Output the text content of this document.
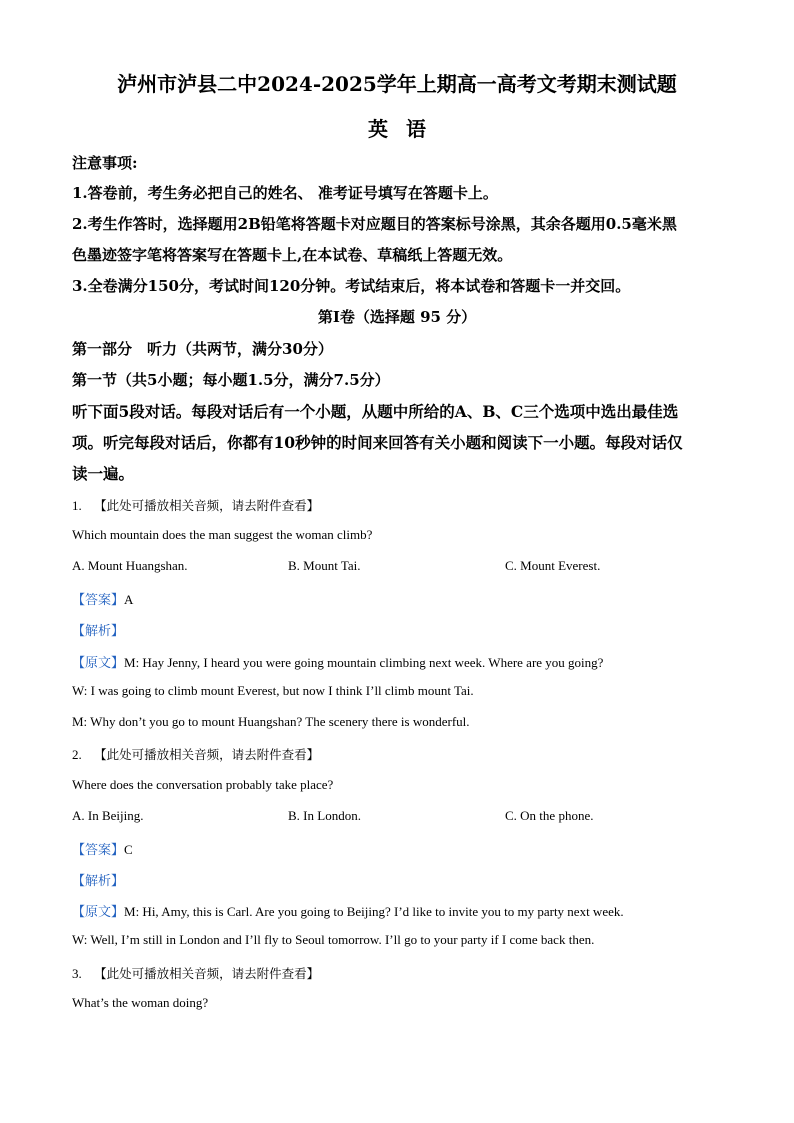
泸州市泸县二中2024-2025学年上期高一高考文考期末测试题
英语
注意事项:
1.答卷前，考生务必把自己的姓名、 准考证号填写在答题卡上。
2.考生作答时，选择题用2B铅笔将答题卡对应题目的答案标号涂黑，其余各题用0.5毫米黑
色墨迹签字笔将答案写在答题卡上,在本试卷、草稿纸上答题无效。
3.全卷满分150分，考试时间120分钟。考试结束后，将本试卷和答题卡一并交回。
第Ⅰ卷（选择题 95 分）
第一部分　听力（共两节，满分30分）
第一节（共5小题；每小题1.5分，满分7.5分）
听下面5段对话。每段对话后有一个小题，从题中所给的A、B、C三个选项中选出最佳选
项。听完每段对话后，你都有10秒钟的时间来回答有关小题和阅读下一小题。每段对话仅
读一遍。
1. 【此处可播放相关音频，请去附件查看】
Which mountain does the man suggest the woman climb?
A. Mount Huangshan.	B. Mount Tai.	C. Mount Everest.
【答案】A
【解析】
【原文】M: Hay Jenny, I heard you were going mountain climbing next week. Where are you going?
W: I was going to climb mount Everest, but now I think I’ll climb mount Tai.
M: Why don’t you go to mount Huangshan? The scenery there is wonderful.
2. 【此处可播放相关音频，请去附件查看】
Where does the conversation probably take place?
A. In Beijing.	B. In London.	C. On the phone.
【答案】C
【解析】
【原文】M: Hi, Amy, this is Carl. Are you going to Beijing? I’d like to invite you to my party next week.
W: Well, I’m still in London and I’ll fly to Seoul tomorrow. I’ll go to your party if I come back then.
3. 【此处可播放相关音频，请去附件查看】
What’s the woman doing?
